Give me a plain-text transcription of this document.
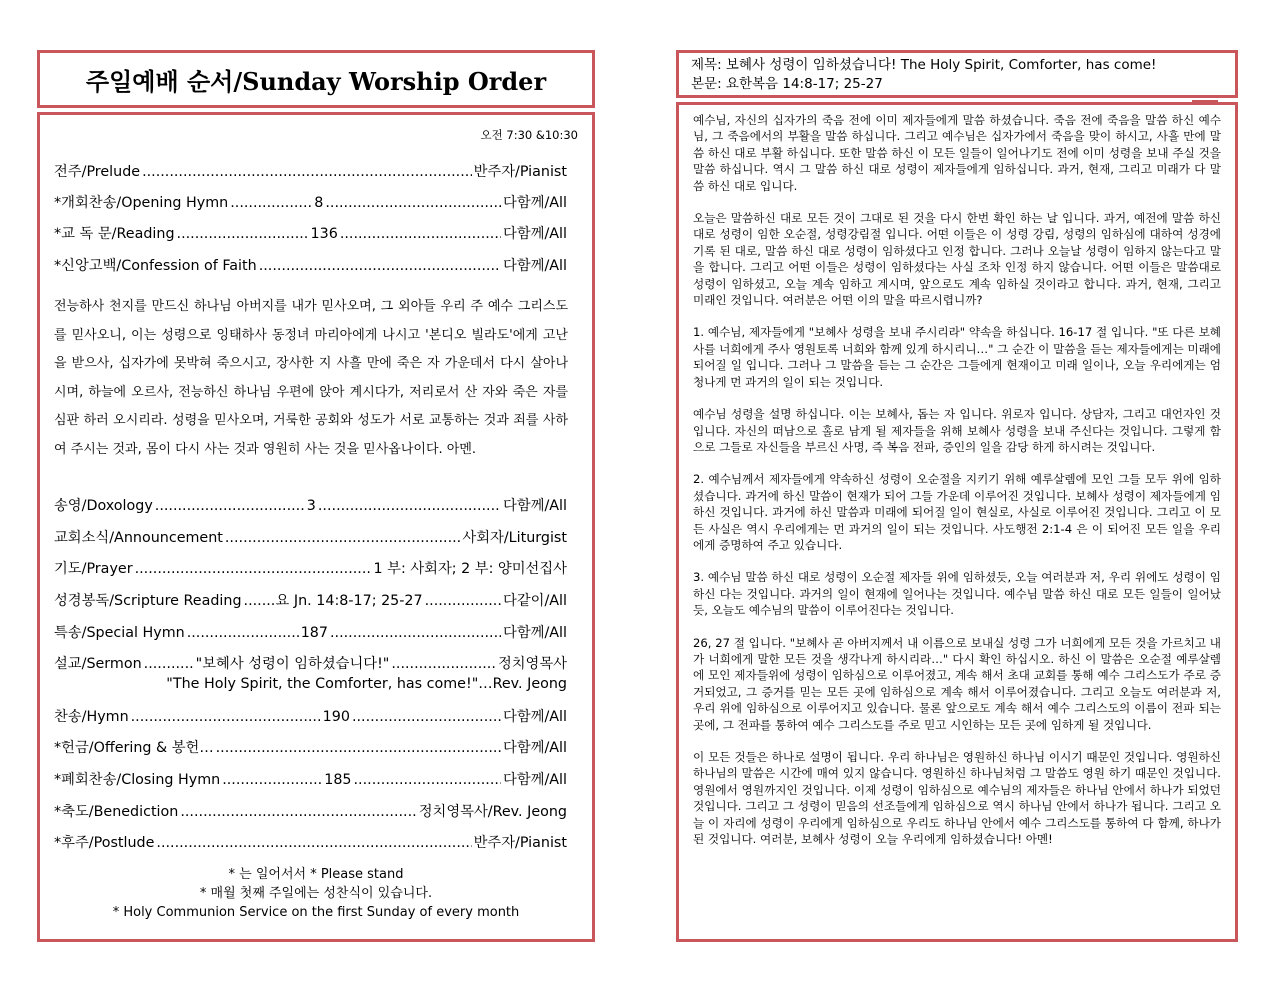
주일예배 순서/Sunday Worship Order
오전 7:30 &10:30
전주/Prelude .....	반주자/Pianist
*개회찬송/Opening Hymn .....	8 .....	다함께/All
*교 독 문/Reading .....	136 .....	다함께/All
*신앙고백/Confession of Faith .....	다함께/All
전능하사 천지를 만드신 하나님 아버지를 내가 믿사오며, 그 외아들 우리 주 예수 그리스도를 믿사오니, 이는 성령으로 잉태하사 동정녀 마리아에게 나시고 '본디오 빌라도'에게 고난을 받으사, 십자가에 못박혀 죽으시고, 장사한 지 사흘 만에 죽은 자 가운데서 다시 살아나시며, 하늘에 오르사, 전능하신 하나님 우편에 앉아 계시다가, 저리로서 산 자와 죽은 자를 심판 하러 오시리라. 성령을 믿사오며, 거룩한 공회와 성도가 서로 교통하는 것과 죄를 사하여 주시는 것과, 몸이 다시 사는 것과 영원히 사는 것을 믿사옵나이다. 아멘.
송영/Doxology .....	3 .....	다함께/All
교회소식/Announcement .....	사회자/Liturgist
기도/Prayer .....	1 부: 사회자; 2 부: 양미선집사
성경봉독/Scripture Reading ..... 요 Jn. 14:8-17; 25-27 .....	다같이/All
특송/Special Hymn .....	187 .....	다함께/All
설교/Sermon .....	"보혜사 성령이 임하셨습니다!" .....	정치영목사
"The Holy Spirit, the Comforter, has come!"…Rev. Jeong
찬송/Hymn .....	190 .....	다함께/All
*헌금/Offering & 봉헌… .....	다함께/All
*폐회찬송/Closing Hymn .....	185 .....	다함께/All
*축도/Benediction .....	정치영목사/Rev. Jeong
*후주/Postlude .....	반주자/Pianist
* 는 일어서서 * Please stand
* 매월 첫째 주일에는 성찬식이 있습니다.
* Holy Communion Service on the first Sunday of every month
제목: 보혜사 성령이 임하셨습니다! The Holy Spirit, Comforter, has come!
본문: 요한복음 14:8-17; 25-27

예수님, 자신의 십자가의 죽음 전에 이미 제자들에게 말씀 하셨습니다. 죽음 전에 죽음을 말씀 하신 예수님, 그 죽음에서의 부활을 말씀 하십니다. 그리고 예수님은 십자가에서 죽음을 맞이 하시고, 사흘 만에 말씀 하신 대로 부활 하십니다. 또한 말씀 하신 이 모든 일들이 일어나기도 전에 이미 성령을 보내 주실 것을 말씀 하십니다. 역시 그 말씀 하신 대로 성령이 제자들에게 임하십니다. 과거, 현재, 그리고 미래가 다 말씀 하신 대로 입니다.

오늘은 말씀하신 대로 모든 것이 그대로 된 것을 다시 한번 확인 하는 날 입니다. 과거, 예전에 말씀 하신 대로 성령이 임한 오순절, 성령강림절 입니다. 어떤 이들은 이 성령 강림, 성령의 임하심에 대하여 성경에 기록 된 대로, 말씀 하신 대로 성령이 임하셨다고 인정 합니다. 그러나 오늘날 성령이 임하지 않는다고 말을 합니다. 그리고 어떤 이들은 성령이 임하셨다는 사실 조차 인정 하지 않습니다. 어떤 이들은 말씀대로 성령이 임하셨고, 오늘 계속 임하고 계시며, 앞으로도 계속 임하실 것이라고 합니다. 과거, 현재, 그리고 미래인 것입니다. 여러분은 어떤 이의 말을 따르시렵니까?

1. 예수님, 제자들에게 "보혜사 성령을 보내 주시리라" 약속을 하십니다. 16-17 절 입니다. "또 다른 보혜사를 너희에게 주사 영원토록 너희와 함께 있게 하시리니…" 그 순간 이 말씀을 듣는 제자들에게는 미래에 되어질 일 입니다. 그러나 그 말씀을 듣는 그 순간은 그들에게 현재이고 미래 일이나, 오늘 우리에게는 엄청나게 먼 과거의 일이 되는 것입니다.

예수님 성령을 설명 하십니다. 이는 보혜사, 돕는 자 입니다. 위로자 입니다. 상담자, 그리고 대언자인 것입니다. 자신의 떠남으로 홀로 남게 될 제자들을 위해 보혜사 성령을 보내 주신다는 것입니다. 그렇게 함으로 그들로 자신들을 부르신 사명, 즉 복음 전파, 증인의 일을 감당 하게 하시려는 것입니다.

2. 예수님께서 제자들에게 약속하신 성령이 오순절을 지키기 위해 예루살렘에 모인 그들 모두 위에 임하셨습니다. 과거에 하신 말씀이 현재가 되어 그들 가운데 이루어진 것입니다. 보혜사 성령이 제자들에게 임하신 것입니다. 과거에 하신 말씀과 미래에 되어질 일이 현실로, 사실로 이루어진 것입니다. 그리고 이 모든 사실은 역시 우리에게는 먼 과거의 일이 되는 것입니다. 사도행전 2:1-4 은 이 되어진 모든 일을 우리에게 증명하여 주고 있습니다.

3. 예수님 말씀 하신 대로 성령이 오순절 제자들 위에 임하셨듯, 오늘 여러분과 저, 우리 위에도 성령이 임하신 다는 것입니다. 과거의 일이 현재에 일어나는 것입니다. 예수님 말씀 하신 대로 모든 일들이 일어났듯, 오늘도 예수님의 말씀이 이루어진다는 것입니다.

26, 27 절 입니다. "보혜사 곧 아버지께서 내 이름으로 보내실 성령 그가 너희에게 모든 것을 가르치고 내가 너희에게 말한 모든 것을 생각나게 하시리라…" 다시 확인 하십시오. 하신 이 말씀은 오순절 예루살렘에 모인 제자들위에 성령이 임하심으로 이루어졌고, 계속 해서 초대 교회를 통해 예수 그리스도가 주로 증거되었고, 그 증거를 믿는 모든 곳에 임하심으로 계속 해서 이루어졌습니다. 그리고 오늘도 여러분과 저, 우리 위에 임하심으로 이루어지고 있습니다. 물론 앞으로도 계속 해서 예수 그리스도의 이름이 전파 되는 곳에, 그 전파를 통하여 예수 그리스도를 주로 믿고 시인하는 모든 곳에 임하게 될 것입니다.

이 모든 것들은 하나로 설명이 됩니다. 우리 하나님은 영원하신 하나님 이시기 때문인 것입니다. 영원하신 하나님의 말씀은 시간에 매여 있지 않습니다. 영원하신 하나님처럼 그 말씀도 영원 하기 때문인 것입니다. 영원에서 영원까지인 것입니다. 이제 성령이 임하심으로 예수님의 제자들은 하나님 안에서 하나가 되었던 것입니다. 그리고 그 성령이 믿음의 선조들에게 임하심으로 역시 하나님 안에서 하나가 됩니다. 그리고 오늘 이 자리에 성령이 우리에게 임하심으로 우리도 하나님 안에서 예수 그리스도를 통하여 다 함께, 하나가 된 것입니다. 여러분, 보혜사 성령이 오늘 우리에게 임하셨습니다! 아멘!
